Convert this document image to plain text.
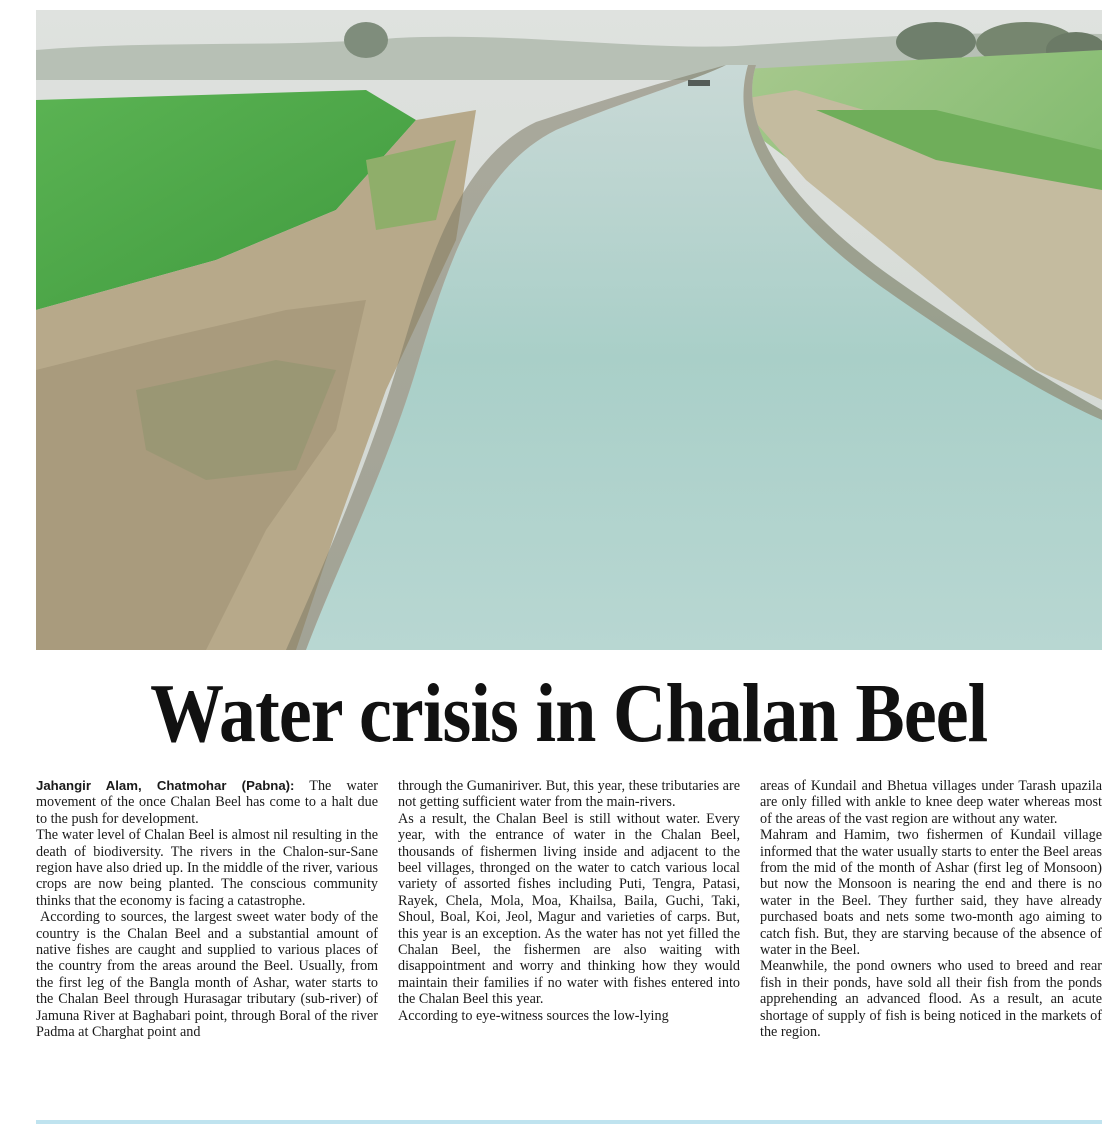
Water crisis in Chalan Beel

Jahangir Alam, Chatmohar (Pabna): The water movement of the once Chalan Beel has come to a halt due to the push for development.

The water level of Chalan Beel is almost nil resulting in the death of biodiversity. The rivers in the Chalon-sur-Sane region have also dried up. In the middle of the river, various crops are now being planted. The conscious community thinks that the economy is facing a catastrophe.

According to sources, the largest sweet water body of the country is the Chalan Beel and a substantial amount of native fishes are caught and supplied to various places of the country from the areas around the Beel. Usually, from the first leg of the Bangla month of Ashar, water starts to the Chalan Beel through Hurasagar tributary (sub-river) of Jamuna River at Baghabari point, through Boral of the river Padma at Charghat point and

through the Gumaniriver. But, this year, these tributaries are not getting sufficient water from the main-rivers.

As a result, the Chalan Beel is still without water. Every year, with the entrance of water in the Chalan Beel, thousands of fishermen living inside and adjacent to the beel villages, thronged on the water to catch various local variety of assorted fishes including Puti, Tengra, Patasi, Rayek, Chela, Mola, Moa, Khailsa, Baila, Guchi, Taki, Shoul, Boal, Koi, Jeol, Magur and varieties of carps. But, this year is an exception. As the water has not yet filled the Chalan Beel, the fishermen are also waiting with disappointment and worry and thinking how they would maintain their families if no water with fishes entered into the Chalan Beel this year.

According to eye-witness sources the low-lying

areas of Kundail and Bhetua villages under Tarash upazila are only filled with ankle to knee deep water whereas most of the areas of the vast region are without any water.

Mahram and Hamim, two fishermen of Kundail village informed that the water usually starts to enter the Beel areas from the mid of the month of Ashar (first leg of Monsoon) but now the Monsoon is nearing the end and there is no water in the Beel. They further said, they have already purchased boats and nets some two-month ago aiming to catch fish. But, they are starving because of the absence of water in the Beel.

Meanwhile, the pond owners who used to breed and rear fish in their ponds, have sold all their fish from the ponds apprehending an advanced flood. As a result, an acute shortage of supply of fish is being noticed in the markets of the region.
